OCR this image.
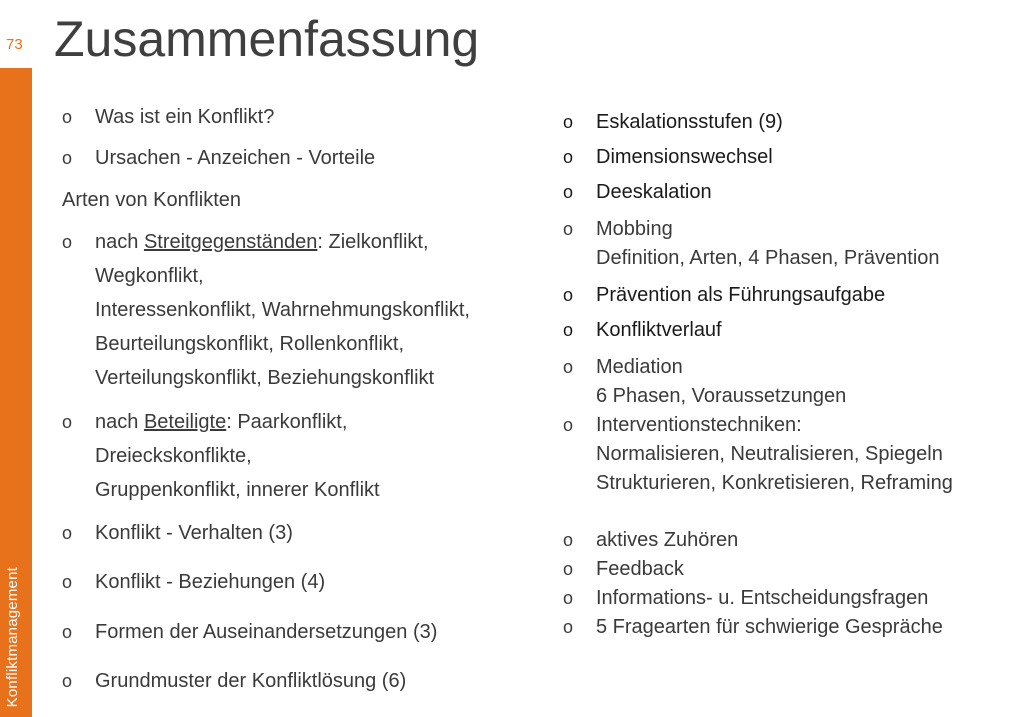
73 Zusammenfassung
Konfliktmanagement
o Was ist ein Konflikt?
o Ursachen - Anzeichen - Vorteile
Arten von Konflikten
o nach Streitgegenständen: Zielkonflikt,
Wegkonflikt,
Interessenkonflikt, Wahrnehmungskonflikt,
Beurteilungskonflikt, Rollenkonflikt,
Verteilungskonflikt, Beziehungskonflikt
o nach Beteiligte: Paarkonflikt,
Dreieckskonflikte,
Gruppenkonflikt, innerer Konflikt
o Konflikt - Verhalten (3)
o Konflikt - Beziehungen (4)
o Formen der Auseinandersetzungen (3)
o Grundmuster der Konfliktlösung (6)
o Eskalationsstufen (9)
o Dimensionswechsel
o Deeskalation
o Mobbing
Definition, Arten, 4 Phasen, Prävention
o Prävention als Führungsaufgabe
o Konfliktverlauf
o Mediation
6 Phasen, Voraussetzungen
o Interventionstechniken:
Normalisieren, Neutralisieren, Spiegeln
Strukturieren, Konkretisieren, Reframing
o aktives Zuhören
o Feedback
o Informations- u. Entscheidungsfragen
o 5 Fragearten für schwierige Gespräche
